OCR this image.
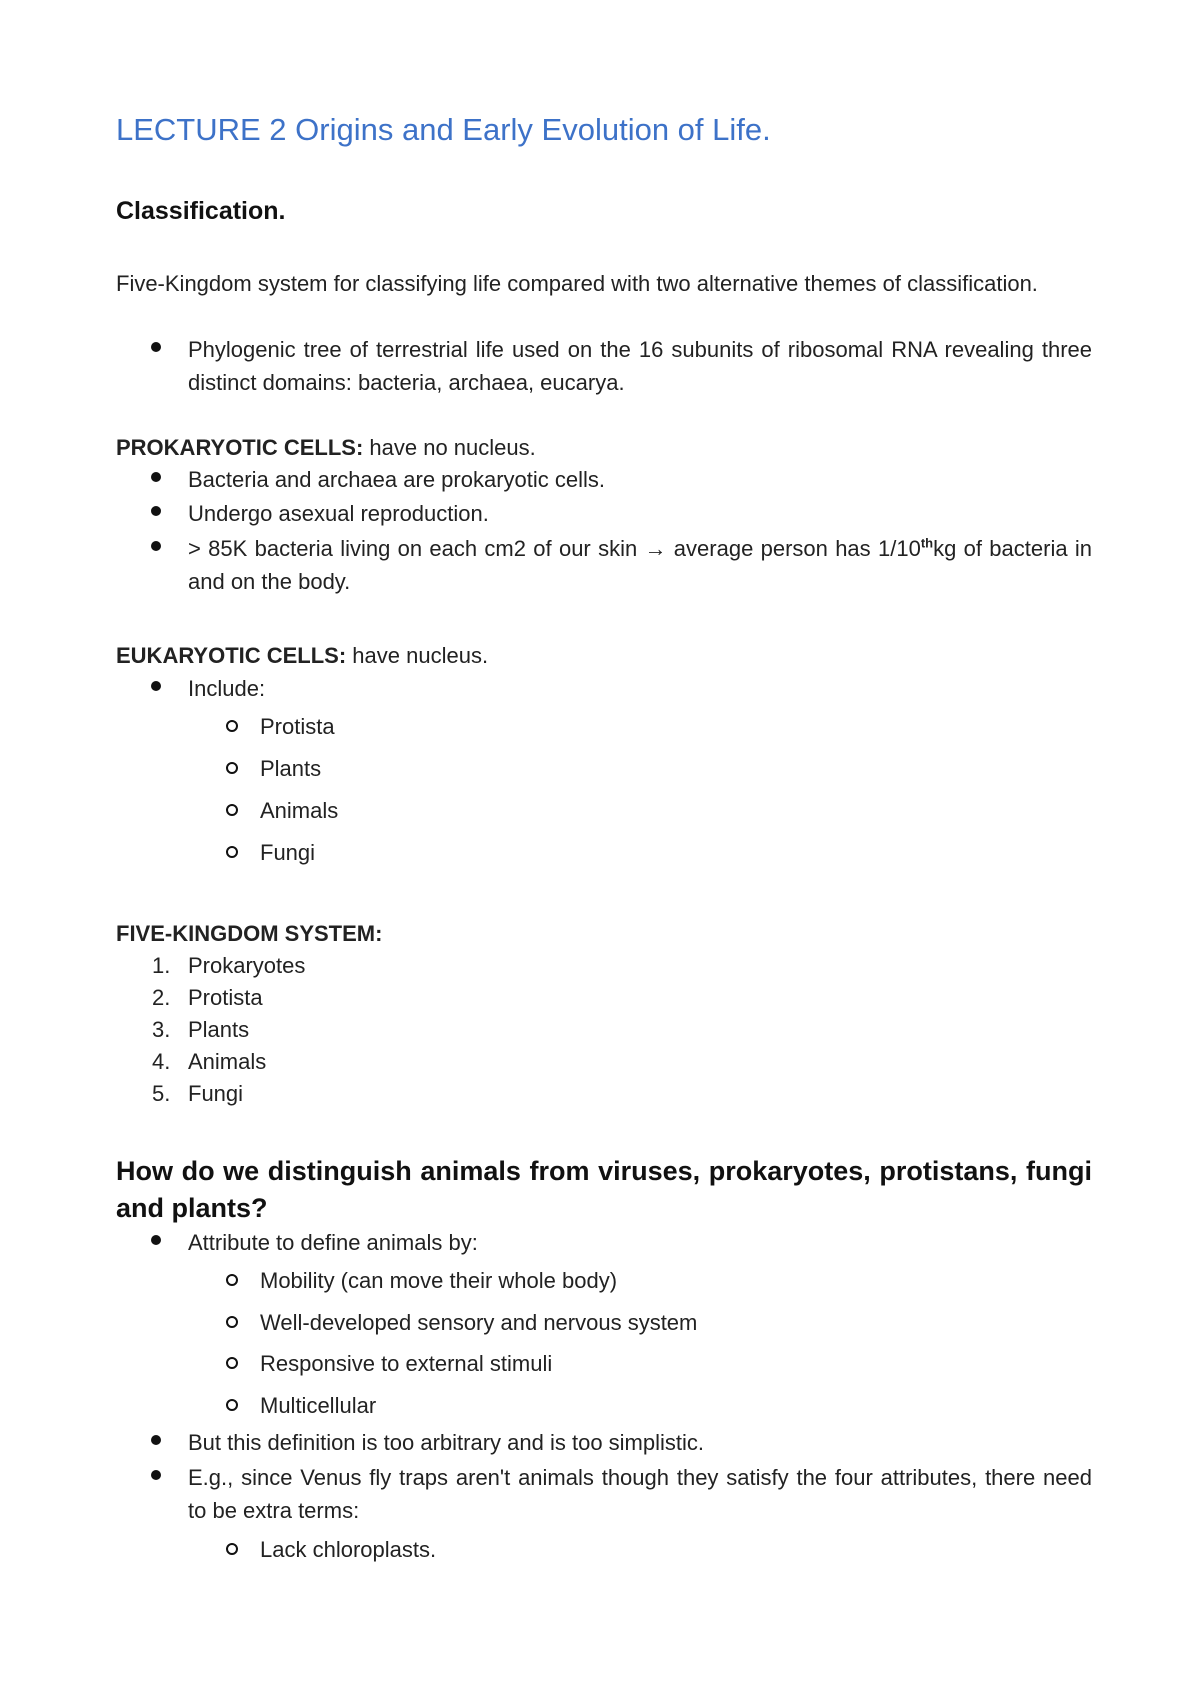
LECTURE 2 Origins and Early Evolution of Life.
Classification.

Five-Kingdom system for classifying life compared with two alternative themes of classification.

Phylogenic tree of terrestrial life used on the 16 subunits of ribosomal RNA revealing three distinct domains: bacteria, archaea, eucarya.

PROKARYOTIC CELLS: have no nucleus.

Bacteria and archaea are prokaryotic cells.

Undergo asexual reproduction.

> 85K bacteria living on each cm2 of our skin → average person has 1/10thkg of bacteria in and on the body.

EUKARYOTIC CELLS: have nucleus.

Include:

Protista

Plants

Animals

Fungi

FIVE-KINGDOM SYSTEM:

1. Prokaryotes

2. Protista

3. Plants

4. Animals

5. Fungi

How do we distinguish animals from viruses, prokaryotes, protistans, fungi and plants?

Attribute to define animals by:

Mobility (can move their whole body)

Well-developed sensory and nervous system

Responsive to external stimuli

Multicellular

But this definition is too arbitrary and is too simplistic.

E.g., since Venus fly traps aren't animals though they satisfy the four attributes, there need to be extra terms:

Lack chloroplasts.
